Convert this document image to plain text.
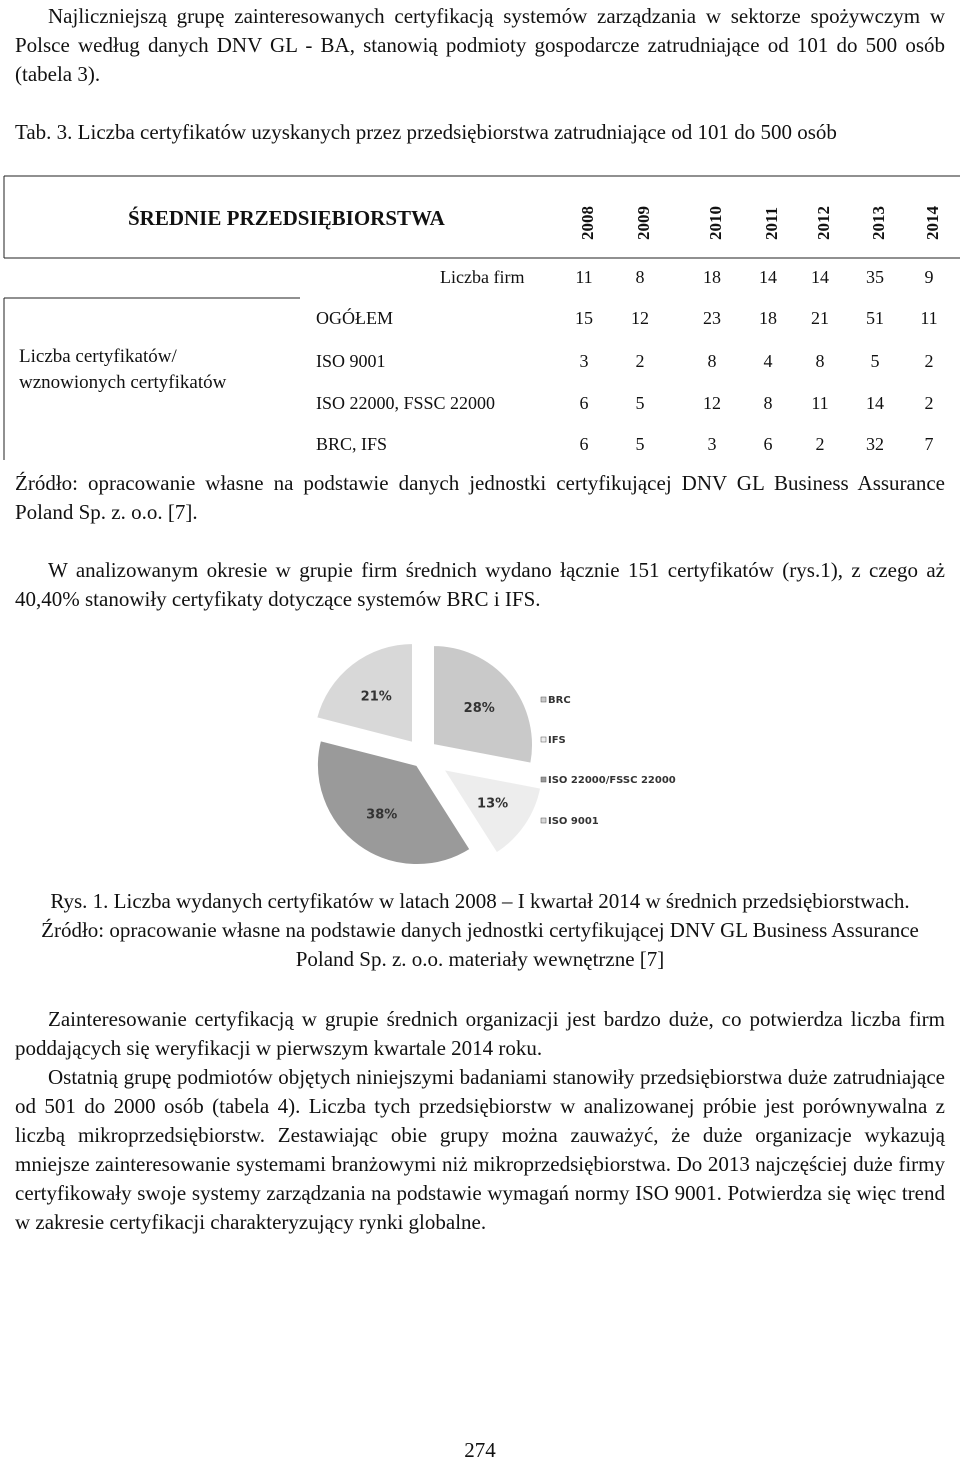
Najliczniejszą grupę zainteresowanych certyfikacją systemów zarządzania w sektorze spożywczym w Polsce według danych DNV GL - BA, stanowią podmioty gospodarcze zatrudniające od 101 do 500 osób (tabela 3).

Tab. 3. Liczba certyfikatów uzyskanych przez przedsiębiorstwa zatrudniające od 101 do 500 osób

ŚREDNIE PRZEDSIĘBIORSTWA	2008 2009	2010 2011 2012 2013 2014
Liczba certyfikatów/
wznowionych certyfikatów
Liczba firm	11	8	18	14	14	35	9
OGÓŁEM	15	12	23	18	21	51	11
ISO 9001	3	2	8	4	8	5	2
ISO 22000, FSSC 22000	6	5	12	8	11	14	2
BRC, IFS	6	5	3	6	2	32	7

Źródło: opracowanie własne na podstawie danych jednostki certyfikującej DNV GL Business Assurance Poland Sp. z. o.o. [7].

W analizowanym okresie w grupie firm średnich wydano łącznie 151 certyfikatów (rys.1), z czego aż 40,40% stanowiły certyfikaty dotyczące systemów BRC i IFS.

28%
13%
38%
21%	BRC
IFS
ISO 22000/FSSC 22000
ISO 9001

Rys. 1. Liczba wydanych certyfikatów w latach 2008 – I kwartał 2014 w średnich przedsiębiorstwach. Źródło: opracowanie własne na podstawie danych jednostki certyfikującej DNV GL Business Assurance Poland Sp. z. o.o. materiały wewnętrzne [7]

Zainteresowanie certyfikacją w grupie średnich organizacji jest bardzo duże, co potwierdza liczba firm poddających się weryfikacji w pierwszym kwartale 2014 roku.

Ostatnią grupę podmiotów objętych niniejszymi badaniami stanowiły przedsiębiorstwa duże zatrudniające od 501 do 2000 osób (tabela 4). Liczba tych przedsiębiorstw w analizowanej próbie jest porównywalna z liczbą mikroprzedsiębiorstw. Zestawiając obie grupy można zauważyć, że duże organizacje wykazują mniejsze zainteresowanie systemami branżowymi niż mikroprzedsiębiorstwa. Do 2013 najczęściej duże firmy certyfikowały swoje systemy zarządzania na podstawie wymagań normy ISO 9001. Potwierdza się więc trend w zakresie certyfikacji charakteryzujący rynki globalne.

274
